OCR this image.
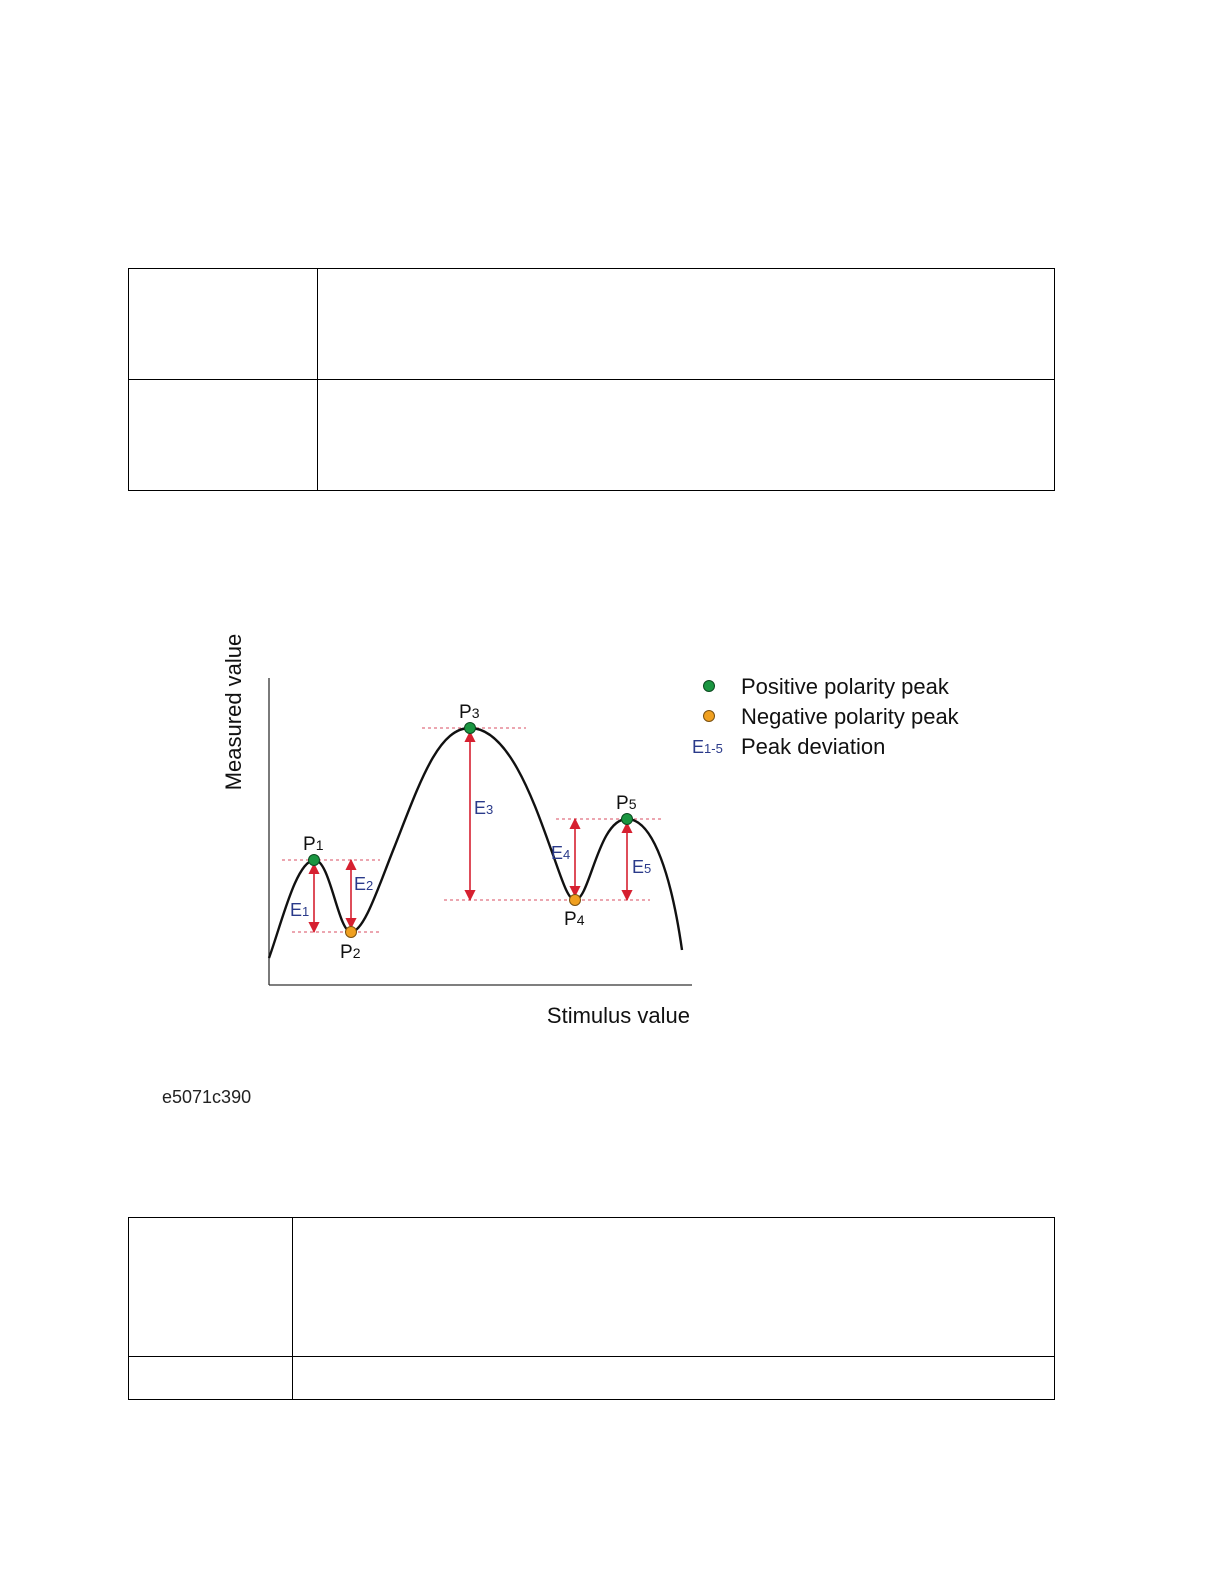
Measured value
Stimulus value
P1
P2
P3
P4
P5
E1
E2
E3
E4
E5
Positive polarity peak
Negative polarity peak
E1-5 Peak deviation
e5071c390
